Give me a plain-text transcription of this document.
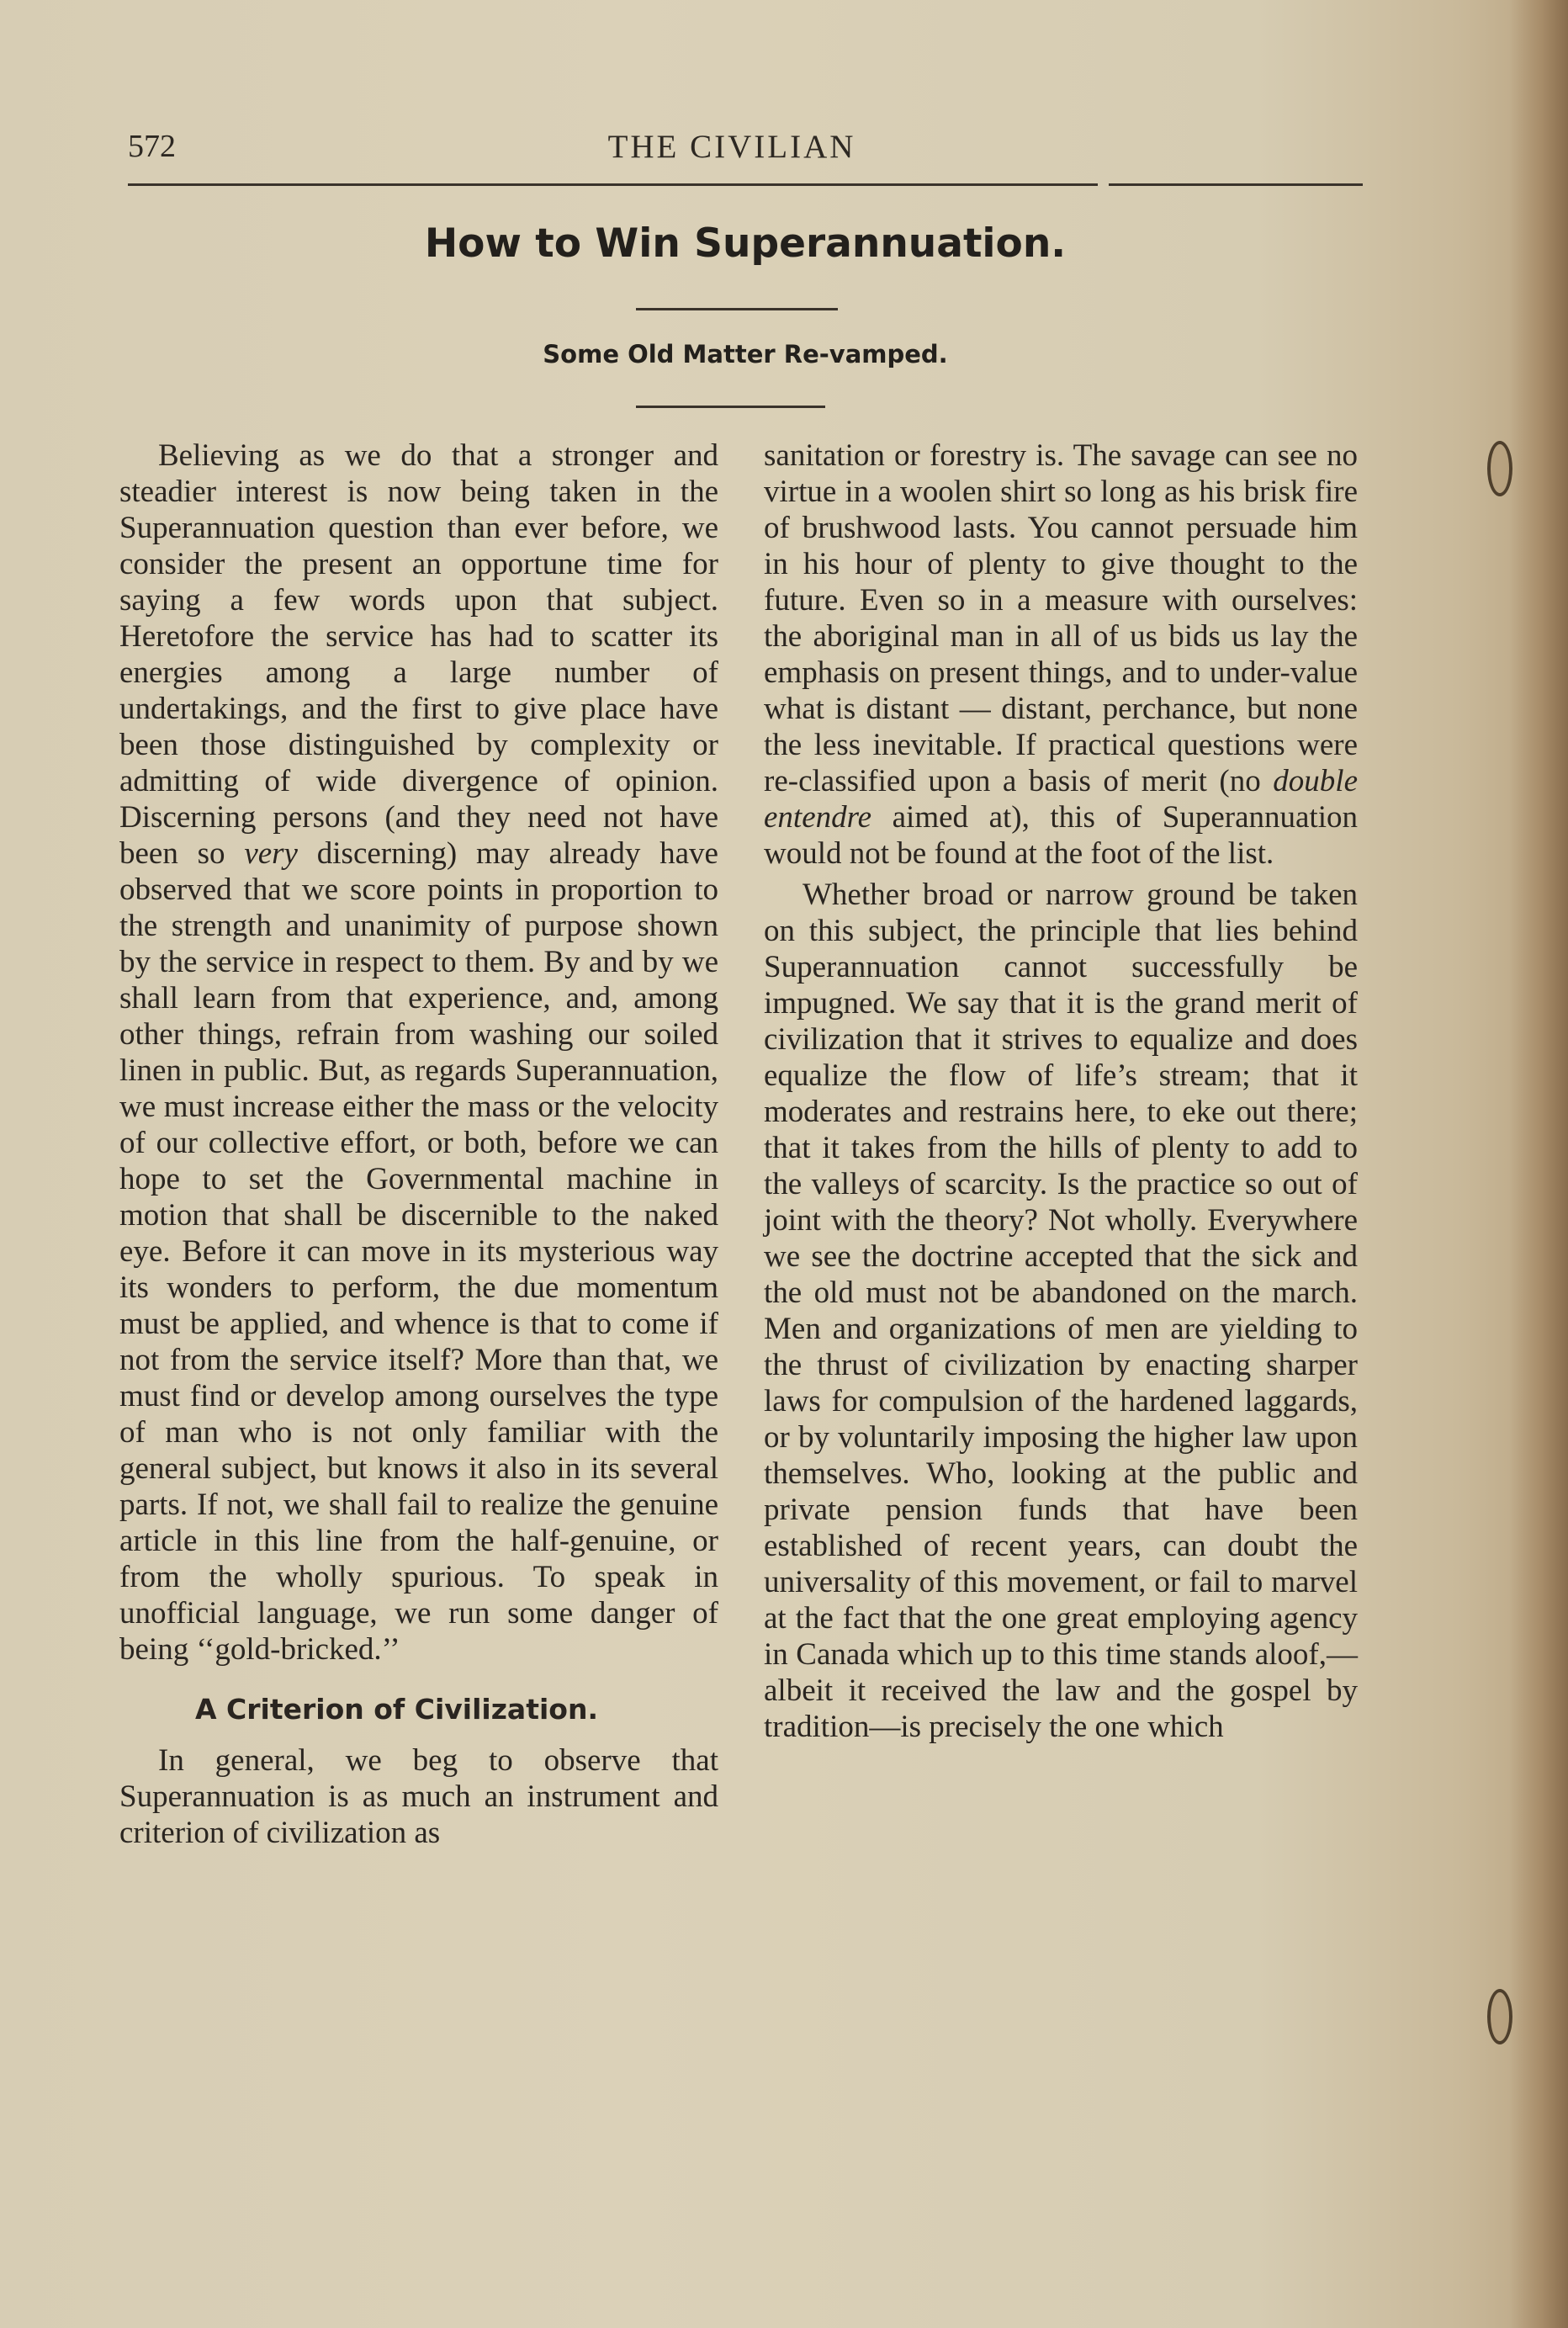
572	THE CIVILIAN
How to Win Superannuation.
Some Old Matter Re-vamped.

Believing as we do that a stronger and steadier interest is now being taken in the Superannuation question than ever before, we consider the present an opportune time for saying a few words upon that subject. Heretofore the service has had to scatter its energies among a large number of undertakings, and the first to give place have been those distinguished by complexity or admitting of wide divergence of opinion. Discerning persons (and they need not have been so very discerning) may already have observed that we score points in proportion to the strength and unanimity of purpose shown by the service in respect to them. By and by we shall learn from that experience, and, among other things, refrain from washing our soiled linen in public. But, as regards Superannuation, we must increase either the mass or the velocity of our collective effort, or both, before we can hope to set the Governmental machine in motion that shall be discernible to the naked eye. Before it can move in its mysterious way its wonders to perform, the due momentum must be applied, and whence is that to come if not from the service itself? More than that, we must find or develop among ourselves the type of man who is not only familiar with the general subject, but knows it also in its several parts. If not, we shall fail to realize the genuine article in this line from the half-genuine, or from the wholly spurious. To speak in unofficial language, we run some danger of being ‘‘gold-bricked.’’

A Criterion of Civilization.

In general, we beg to observe that Superannuation is as much an instrument and criterion of civilization as

sanitation or forestry is. The savage can see no virtue in a woolen shirt so long as his brisk fire of brushwood lasts. You cannot persuade him in his hour of plenty to give thought to the future. Even so in a measure with ourselves: the aboriginal man in all of us bids us lay the emphasis on present things, and to under-value what is distant — distant, perchance, but none the less inevitable. If practical questions were re-classified upon a basis of merit (no double entendre aimed at), this of Superannuation would not be found at the foot of the list.

Whether broad or narrow ground be taken on this subject, the principle that lies behind Superannuation cannot successfully be impugned. We say that it is the grand merit of civilization that it strives to equalize and does equalize the flow of life’s stream; that it moderates and restrains here, to eke out there; that it takes from the hills of plenty to add to the valleys of scarcity. Is the practice so out of joint with the theory? Not wholly. Everywhere we see the doctrine accepted that the sick and the old must not be abandoned on the march. Men and organizations of men are yielding to the thrust of civilization by enacting sharper laws for compulsion of the hardened laggards, or by voluntarily imposing the higher law upon themselves. Who, looking at the public and private pension funds that have been established of recent years, can doubt the universality of this movement, or fail to marvel at the fact that the one great employing agency in Canada which up to this time stands aloof,—albeit it received the law and the gospel by tradition—is precisely the one which
